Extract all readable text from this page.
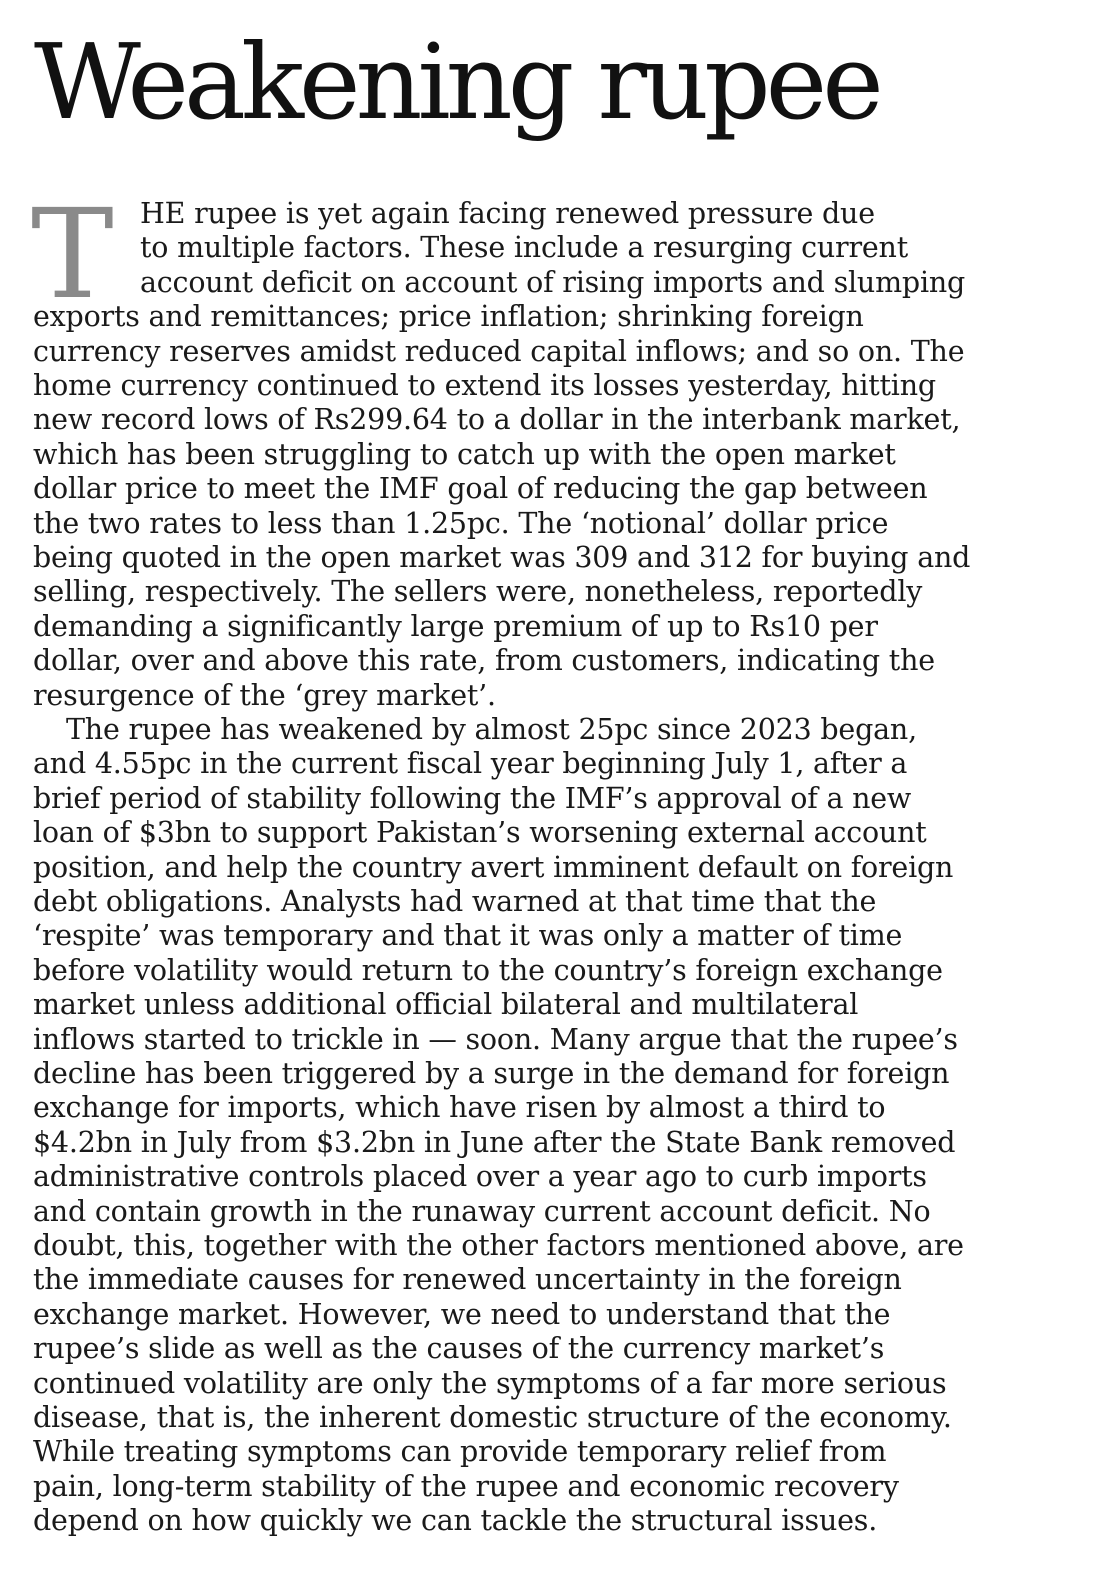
Weakening rupee
T HE rupee is yet again facing renewed pressure due

to multiple factors. These include a resurging current

account deficit on account of rising imports and slumping

exports and remittances; price inflation; shrinking foreign

currency reserves amidst reduced capital inflows; and so on. The

home currency continued to extend its losses yesterday, hitting

new record lows of Rs299.64 to a dollar in the interbank market,

which has been struggling to catch up with the open market

dollar price to meet the IMF goal of reducing the gap between

the two rates to less than 1.25pc. The ‘notional’ dollar price

being quoted in the open market was 309 and 312 for buying and

selling, respectively. The sellers were, nonetheless, reportedly

demanding a significantly large premium of up to Rs10 per

dollar, over and above this rate, from customers, indicating the

resurgence of the ‘grey market’.

The rupee has weakened by almost 25pc since 2023 began,

and 4.55pc in the current fiscal year beginning July 1, after a

brief period of stability following the IMF’s approval of a new

loan of $3bn to support Pakistan’s worsening external account

position, and help the country avert imminent default on foreign

debt obligations. Analysts had warned at that time that the

‘respite’ was temporary and that it was only a matter of time

before volatility would return to the country’s foreign exchange

market unless additional official bilateral and multilateral

inflows started to trickle in — soon. Many argue that the rupee’s

decline has been triggered by a surge in the demand for foreign

exchange for imports, which have risen by almost a third to

$4.2bn in July from $3.2bn in June after the State Bank removed

administrative controls placed over a year ago to curb imports

and contain growth in the runaway current account deficit. No

doubt, this, together with the other factors mentioned above, are

the immediate causes for renewed uncertainty in the foreign

exchange market. However, we need to understand that the

rupee’s slide as well as the causes of the currency market’s

continued volatility are only the symptoms of a far more serious

disease, that is, the inherent domestic structure of the economy.

While treating symptoms can provide temporary relief from

pain, long-term stability of the rupee and economic recovery

depend on how quickly we can tackle the structural issues.
